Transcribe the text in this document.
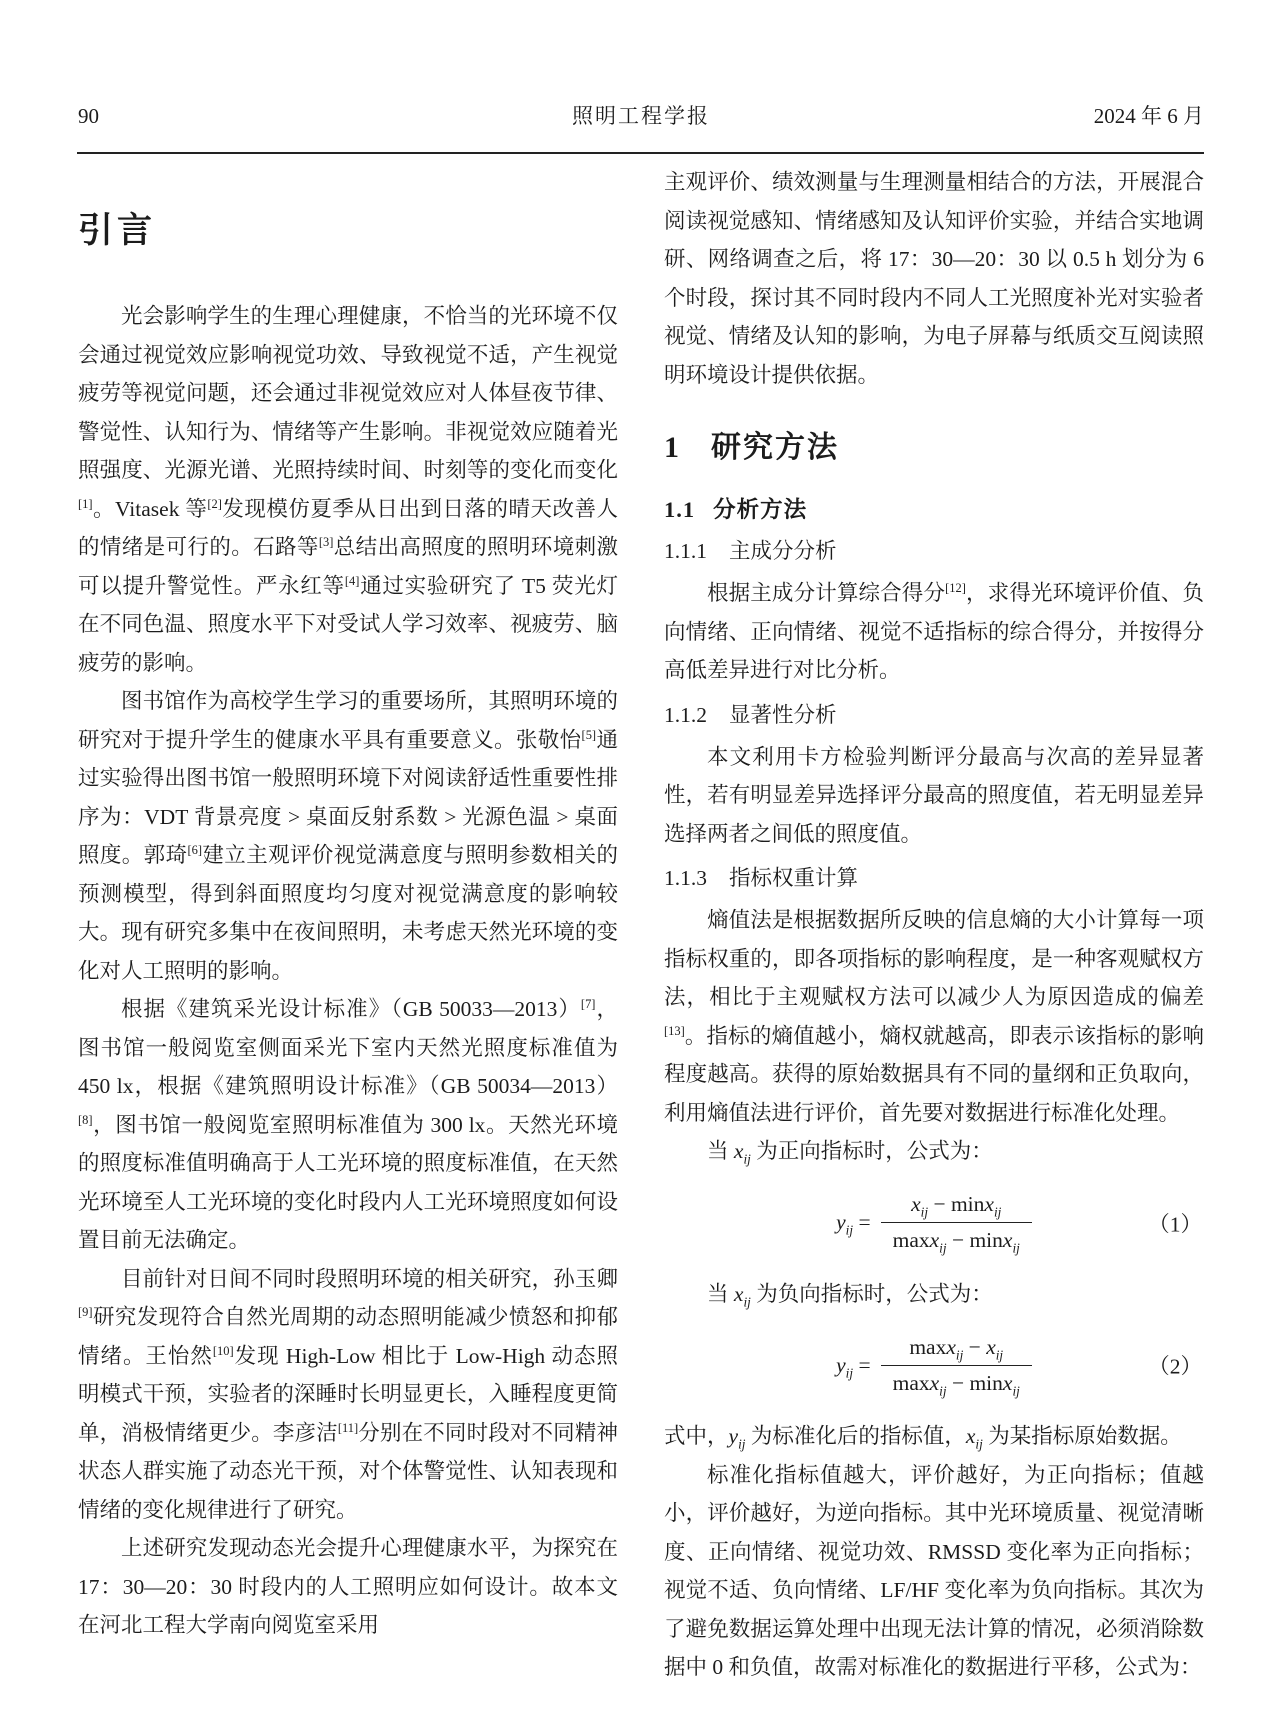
90	照明工程学报	2024 年 6 月
引言

光会影响学生的生理心理健康，不恰当的光环境不仅会通过视觉效应影响视觉功效、导致视觉不适，产生视觉疲劳等视觉问题，还会通过非视觉效应对人体昼夜节律、警觉性、认知行为、情绪等产生影响。非视觉效应随着光照强度、光源光谱、光照持续时间、时刻等的变化而变化[1]。Vitasek 等[2]发现模仿夏季从日出到日落的晴天改善人的情绪是可行的。石路等[3]总结出高照度的照明环境刺激可以提升警觉性。严永红等[4]通过实验研究了 T5 荧光灯在不同色温、照度水平下对受试人学习效率、视疲劳、脑疲劳的影响。

图书馆作为高校学生学习的重要场所，其照明环境的研究对于提升学生的健康水平具有重要意义。张敬怡[5]通过实验得出图书馆一般照明环境下对阅读舒适性重要性排序为：VDT 背景亮度 > 桌面反射系数 > 光源色温 > 桌面照度。郭琦[6]建立主观评价视觉满意度与照明参数相关的预测模型，得到斜面照度均匀度对视觉满意度的影响较大。现有研究多集中在夜间照明，未考虑天然光环境的变化对人工照明的影响。

根据《建筑采光设计标准》（GB 50033—2013）[7]，图书馆一般阅览室侧面采光下室内天然光照度标准值为 450 lx，根据《建筑照明设计标准》（GB 50034—2013）[8]，图书馆一般阅览室照明标准值为 300 lx。天然光环境的照度标准值明确高于人工光环境的照度标准值，在天然光环境至人工光环境的变化时段内人工光环境照度如何设置目前无法确定。

目前针对日间不同时段照明环境的相关研究，孙玉卿[9]研究发现符合自然光周期的动态照明能减少愤怒和抑郁情绪。王怡然[10]发现 High-Low 相比于 Low-High 动态照明模式干预，实验者的深睡时长明显更长，入睡程度更简单，消极情绪更少。李彦洁[11]分别在不同时段对不同精神状态人群实施了动态光干预，对个体警觉性、认知表现和情绪的变化规律进行了研究。

上述研究发现动态光会提升心理健康水平，为探究在 17：30—20：30 时段内的人工照明应如何设计。故本文在河北工程大学南向阅览室采用

主观评价、绩效测量与生理测量相结合的方法，开展混合阅读视觉感知、情绪感知及认知评价实验，并结合实地调研、网络调查之后，将 17：30—20：30 以 0.5 h 划分为 6 个时段，探讨其不同时段内不同人工光照度补光对实验者视觉、情绪及认知的影响，为电子屏幕与纸质交互阅读照明环境设计提供依据。

1 研究方法
1.1 分析方法
1.1.1 主成分分析

根据主成分计算综合得分[12]，求得光环境评价值、负向情绪、正向情绪、视觉不适指标的综合得分，并按得分高低差异进行对比分析。

1.1.2 显著性分析

本文利用卡方检验判断评分最高与次高的差异显著性，若有明显差异选择评分最高的照度值，若无明显差异选择两者之间低的照度值。

1.1.3 指标权重计算

熵值法是根据数据所反映的信息熵的大小计算每一项指标权重的，即各项指标的影响程度，是一种客观赋权方法，相比于主观赋权方法可以减少人为原因造成的偏差[13]。指标的熵值越小，熵权就越高，即表示该指标的影响程度越高。获得的原始数据具有不同的量纲和正负取向，利用熵值法进行评价，首先要对数据进行标准化处理。

当 $x_{ij}$ 为正向指标时，公式为：

$y_{ij} = \frac{x_{ij} - \min x_{ij}}{\max x_{ij} - \min x_{ij}}$	（1）

当 $x_{ij}$ 为负向指标时，公式为：

$y_{ij} = \frac{\max x_{ij} - x_{ij}}{\max x_{ij} - \min x_{ij}}$	（2）

式中，$y_{ij}$ 为标准化后的指标值，$x_{ij}$ 为某指标原始数据。

标准化指标值越大，评价越好，为正向指标；值越小，评价越好，为逆向指标。其中光环境质量、视觉清晰度、正向情绪、视觉功效、RMSSD 变化率为正向指标；视觉不适、负向情绪、LF/HF 变化率为负向指标。其次为了避免数据运算处理中出现无法计算的情况，必须消除数据中 0 和负值，故需对标准化的数据进行平移，公式为：
